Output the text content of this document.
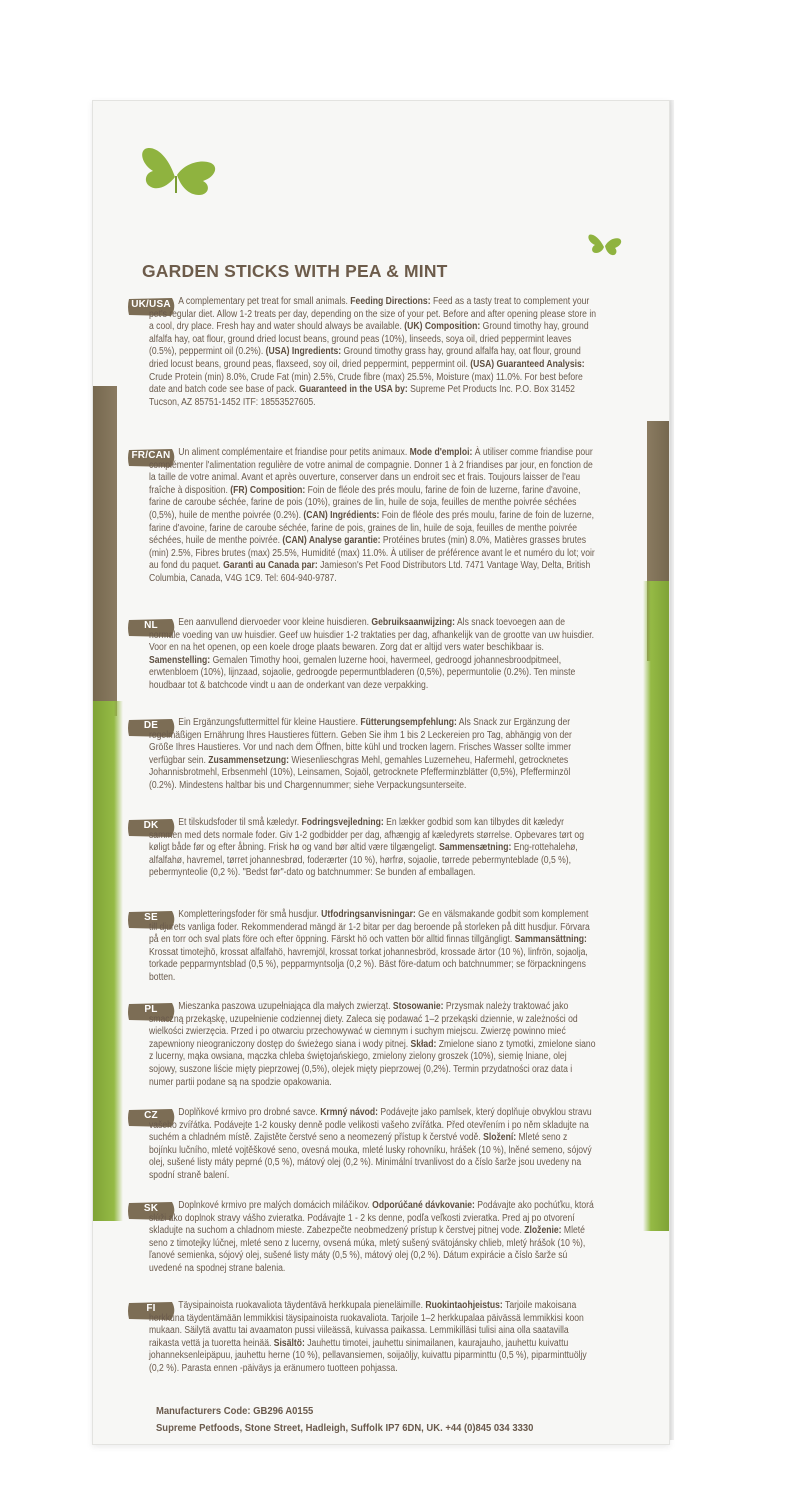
GARDEN STICKS WITH PEA & MINT
UK/USA A complementary pet treat for small animals. Feeding Directions: Feed as a tasty treat to complement your pet's regular diet. Allow 1-2 treats per day, depending on the size of your pet. Before and after opening please store in a cool, dry place. Fresh hay and water should always be available. (UK) Composition: Ground timothy hay, ground alfalfa hay, oat flour, ground dried locust beans, ground peas (10%), linseeds, soya oil, dried peppermint leaves (0.5%), peppermint oil (0.2%). (USA) Ingredients: Ground timothy grass hay, ground alfalfa hay, oat flour, ground dried locust beans, ground peas, flaxseed, soy oil, dried peppermint, peppermint oil. (USA) Guaranteed Analysis: Crude Protein (min) 8.0%, Crude Fat (min) 2.5%, Crude fibre (max) 25.5%, Moisture (max) 11.0%. For best before date and batch code see base of pack. Guaranteed in the USA by: Supreme Pet Products Inc. P.O. Box 31452 Tucson, AZ 85751-1452 ITF: 18553527605.
FR/CAN Un aliment complémentaire et friandise pour petits animaux. Mode d'emploi: À utiliser comme friandise pour complémenter l'alimentation regulière de votre animal de compagnie. Donner 1 à 2 friandises par jour, en fonction de la taille de votre animal. Avant et après ouverture, conserver dans un endroit sec et frais. Toujours laisser de l'eau fraîche à disposition. (FR) Composition: Foin de fléole des prés moulu, farine de foin de luzerne, farine d'avoine, farine de caroube séchée, farine de pois (10%), graines de lin, huile de soja, feuilles de menthe poivrée séchées (0,5%), huile de menthe poivrée (0.2%). (CAN) Ingrédients: Foin de fléole des prés moulu, farine de foin de luzerne, farine d'avoine, farine de caroube séchée, farine de pois, graines de lin, huile de soja, feuilles de menthe poivrée séchées, huile de menthe poivrée. (CAN) Analyse garantie: Protéines brutes (min) 8.0%, Matières grasses brutes (min) 2.5%, Fibres brutes (max) 25.5%, Humidité (max) 11.0%. À utiliser de préférence avant le et numéro du lot; voir au fond du paquet. Garanti au Canada par: Jamieson's Pet Food Distributors Ltd. 7471 Vantage Way, Delta, British Columbia, Canada, V4G 1C9. Tel: 604-940-9787.
NL	Een aanvullend diervoeder voor kleine huisdieren. Gebruiksaanwijzing: Als snack toevoegen aan de normale voeding van uw huisdier. Geef uw huisdier 1-2 traktaties per dag, afhankelijk van de grootte van uw huisdier. Voor en na het openen, op een koele droge plaats bewaren. Zorg dat er altijd vers water beschikbaar is. Samenstelling: Gemalen Timothy hooi, gemalen luzerne hooi, havermeel, gedroogd johannesbroodpitmeel, erwtenbloem (10%), lijnzaad, sojaolie, gedroogde pepermuntbladeren (0,5%), pepermuntolie (0.2%). Ten minste houdbaar tot & batchcode vindt u aan de onderkant van deze verpakking.
DE	Ein Ergänzungsfuttermittel für kleine Haustiere. Fütterungsempfehlung: Als Snack zur Ergänzung der regelmäßigen Ernährung Ihres Haustieres füttern. Geben Sie ihm 1 bis 2 Leckereien pro Tag, abhängig von der Größe Ihres Haustieres. Vor und nach dem Öffnen, bitte kühl und trocken lagern. Frisches Wasser sollte immer verfügbar sein. Zusammensetzung: Wiesenlieschgras Mehl, gemahles Luzerneheu, Hafermehl, getrocknetes Johannisbrotmehl, Erbsenmehl (10%), Leinsamen, Sojaöl, getrocknete Pfefferminzblätter (0,5%), Pfefferminzöl (0.2%). Mindestens haltbar bis und Chargennummer; siehe Verpackungsunterseite.
DK	Et tilskudsfoder til små kæledyr. Fodringsvejledning: En lækker godbid som kan tilbydes dit kæledyr sammen med dets normale foder. Giv 1-2 godbidder per dag, afhængig af kæledyrets størrelse. Opbevares tørt og køligt både før og efter åbning. Frisk hø og vand bør altid være tilgængeligt. Sammensætning: Eng-rottehalehø, alfalfahø, havremel, tørret johannesbrød, foderærter (10 %), hørfrø, sojaolie, tørrede pebermynteblade (0,5 %), pebermynteolie (0,2 %). "Bedst før"-dato og batchnummer: Se bunden af emballagen.
SE	Kompletteringsfoder för små husdjur. Utfodringsanvisningar: Ge en välsmakande godbit som komplement till djurets vanliga foder. Rekommenderad mängd är 1-2 bitar per dag beroende på storleken på ditt husdjur. Förvara på en torr och sval plats före och efter öppning. Färskt hö och vatten bör alltid finnas tillgängligt. Sammansättning: Krossat timotejhö, krossat alfalfahö, havremjöl, krossat torkat johannesbröd, krossade ärtor (10 %), linfrön, sojaolja, torkade pepparmyntsblad (0,5 %), pepparmyntsolja (0,2 %). Bäst före-datum och batchnummer; se förpackningens botten.
PL	Mieszanka paszowa uzupełniająca dla małych zwierząt. Stosowanie: Przysmak należy traktować jako smaczną przekąskę, uzupełnienie codziennej diety. Zaleca się podawać 1–2 przekąski dziennie, w zależności od wielkości zwierzęcia. Przed i po otwarciu przechowywać w ciemnym i suchym miejscu. Zwierzę powinno mieć zapewniony nieograniczony dostęp do świeżego siana i wody pitnej. Skład: Zmielone siano z tymotki, zmielone siano z lucerny, mąka owsiana, mączka chleba świętojańskiego, zmielony zielony groszek (10%), siemię lniane, olej sojowy, suszone liście mięty pieprzowej (0,5%), olejek mięty pieprzowej (0,2%). Termin przydatności oraz data i numer partii podane są na spodzie opakowania.
CZ	Doplňkové krmivo pro drobné savce. Krmný návod: Podávejte jako pamlsek, který doplňuje obvyklou stravu vašeho zvířátka. Podávejte 1-2 kousky denně podle velikosti vašeho zvířátka. Před otevřením i po něm skladujte na suchém a chladném místě. Zajistěte čerstvé seno a neomezený přístup k čerstvé vodě. Složení: Mleté seno z bojínku lučního, mleté vojtěškové seno, ovesná mouka, mleté lusky rohovníku, hrášek (10 %), lněné semeno, sójový olej, sušené listy máty peprné (0,5 %), mátový olej (0,2 %). Minimální trvanlivost do a číslo šarže jsou uvedeny na spodní straně balení.
SK	Doplnkové krmivo pre malých domácich miláčikov. Odporúčané dávkovanie: Podávajte ako pochúťku, ktorá slúži ako doplnok stravy vášho zvieratka. Podávajte 1 - 2 ks denne, podľa veľkosti zvieratka. Pred aj po otvorení skladujte na suchom a chladnom mieste. Zabezpečte neobmedzený prístup k čerstvej pitnej vode. Zloženie: Mleté seno z timotejky lúčnej, mleté seno z lucerny, ovsená múka, mletý sušený svätojánsky chlieb, mletý hrášok (10 %), ľanové semienka, sójový olej, sušené listy máty (0,5 %), mátový olej (0,2 %). Dátum expirácie a číslo šarže sú uvedené na spodnej strane balenia.
FI	Täysipainoista ruokavaliota täydentävä herkkupala pieneläimille. Ruokintaohjeistus: Tarjoile makoisana herkkuna täydentämään lemmikkisi täysipainoista ruokavaliota. Tarjoile 1–2 herkkupalaa päivässä lemmikkisi koon mukaan. Säilytä avattu tai avaamaton pussi viileässä, kuivassa paikassa. Lemmikilläsi tulisi aina olla saatavilla raikasta vettä ja tuoretta heinää. Sisältö: Jauhettu timotei, jauhettu sinimailanen, kaurajauho, jauhettu kuivattu johanneksenleipäpuu, jauhettu herne (10 %), pellavansiemen, soijaöljy, kuivattu piparminttu (0,5 %), piparminttuöljy (0,2 %). Parasta ennen -päiväys ja eränumero tuotteen pohjassa.
Manufacturers Code: GB296 A0155
Supreme Petfoods, Stone Street, Hadleigh, Suffolk IP7 6DN, UK. +44 (0)845 034 3330
